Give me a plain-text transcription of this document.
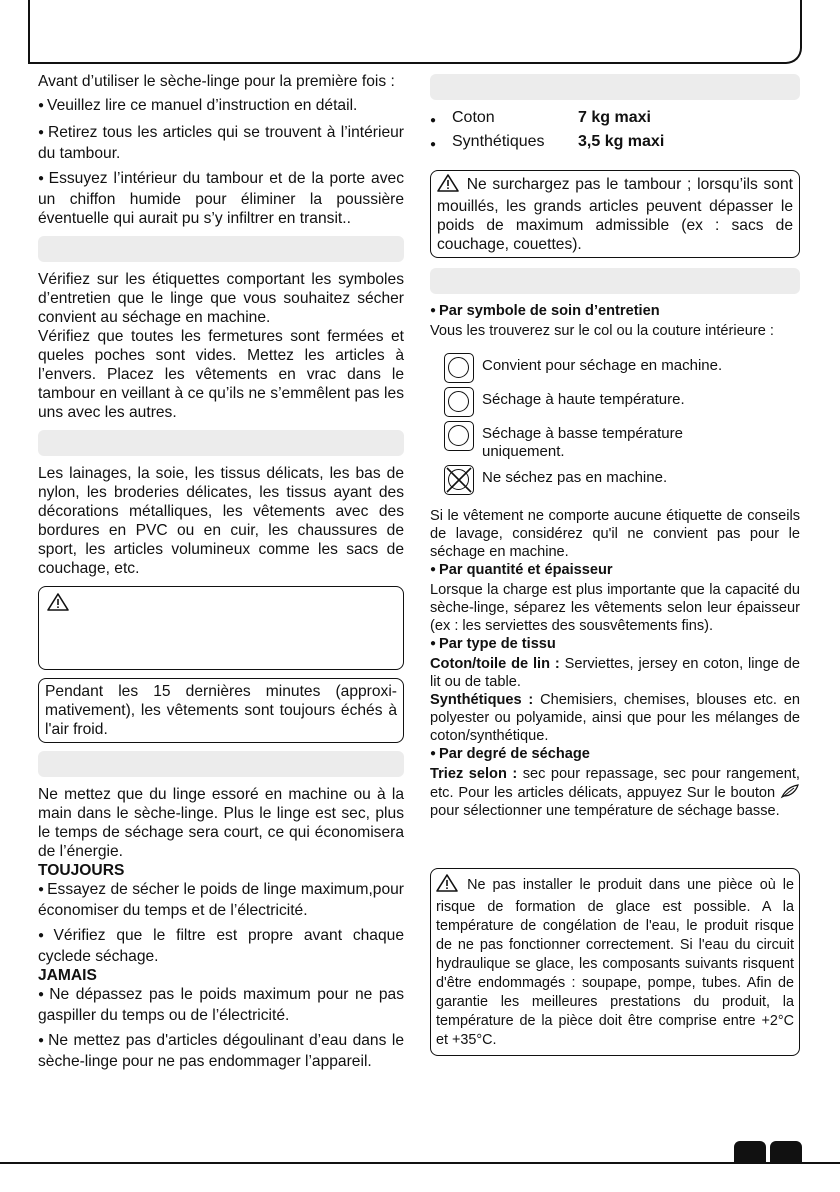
Avant d’utiliser le sèche-linge pour la première fois :
● Veuillez lire ce manuel d’instruction en détail.
● Retirez tous les articles qui se trouvent à l’intérieur du tambour.
● Essuyez l’intérieur du tambour et de la porte avec un chiffon humide pour éliminer la poussière éventuelle qui aurait pu s’y infiltrer en transit..
Vérifiez sur les étiquettes comportant les symboles d’entretien que le linge que vous souhaitez sécher convient au séchage en machine.
Vérifiez que toutes les fermetures sont fermées et queles poches sont vides. Mettez les articles à l’envers. Placez les vêtements en vrac dans le tambour en veillant à ce qu’ils ne s’emmêlent pas les uns avec les autres.
Les lainages, la soie, les tissus délicats, les bas de nylon, les broderies délicates, les tissus ayant des décorations métalliques, les vêtements avec des bordures en PVC ou en cuir, les chaussures de sport, les articles volumineux comme les sacs de couchage, etc.
Pendant les 15 dernières minutes (approxi-mativement), les vêtements sont toujours échés à l'air froid.
Ne mettez que du linge essoré en machine ou à la main dans le sèche-linge. Plus le linge est sec, plus le temps de séchage sera court, ce qui économisera de l’énergie.
TOUJOURS
● Essayez de sécher le poids de linge maximum,pour économiser du temps et de l’électricité.
● Vérifiez que le filtre est propre avant chaque cyclede séchage.
JAMAIS
● Ne dépassez pas le poids maximum pour ne pas gaspiller du temps ou de l’électricité.
● Ne mettez pas d'articles dégoulinant d’eau dans le sèche-linge pour ne pas endommager l’appareil.
● Coton	7 kg maxi
● Synthétiques 3,5 kg maxi
Ne surchargez pas le tambour ; lorsqu’ils sont mouillés, les grands articles peuvent dépasser le poids de maximum admissible (ex : sacs de couchage, couettes).
● Par symbole de soin d’entretien
Vous les trouverez sur le col ou la couture intérieure :
Convient pour séchage en machine.
Séchage à haute température.
Séchage à basse température uniquement.
Ne séchez pas en machine.
Si le vêtement ne comporte aucune étiquette de conseils de lavage, considérez qu'il ne convient pas pour le séchage en machine.
● Par quantité et épaisseur
Lorsque la charge est plus importante que la capacité du sèche-linge, séparez les vêtements selon leur épaisseur (ex : les serviettes des sousvêtements fins).
● Par type de tissu
Coton/toile de lin : Serviettes, jersey en coton, linge de lit ou de table.
Synthétiques : Chemisiers, chemises, blouses etc. en polyester ou polyamide, ainsi que pour les mélanges de coton/synthétique.
● Par degré de séchage
Triez selon : sec pour repassage, sec pour rangement, etc. Pour les articles délicats, appuyez Sur le bouton  pour sélectionner une température de séchage basse.
Ne pas installer le produit dans une pièce où le risque de formation de glace est possible. A la température de congélation de l'eau, le produit risque de ne pas fonctionner correctement. Si l'eau du circuit hydraulique se glace, les composants suivants risquent d'être endommagés : soupape, pompe, tubes. Afin de garantie les meilleures prestations du produit, la température de la pièce doit être comprise entre +2°C et +35°C.
